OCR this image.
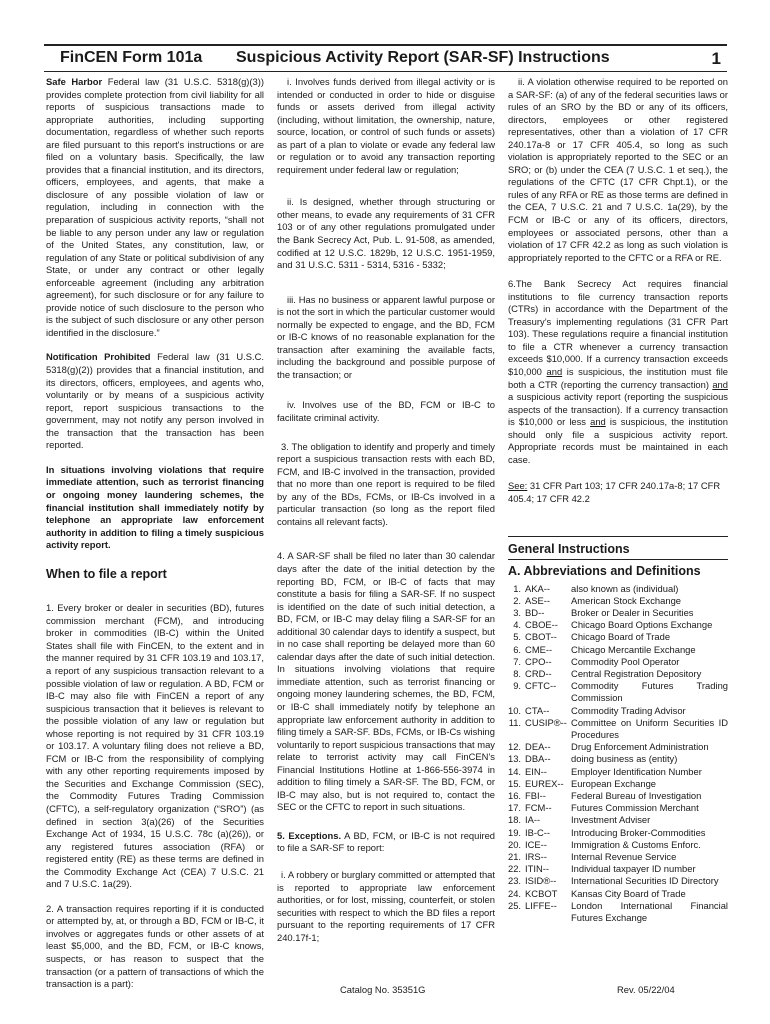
FinCEN Form 101a Suspicious Activity Report (SAR-SF) Instructions	1

Safe Harbor Federal law (31 U.S.C. 5318(g)(3)) provides complete protection from civil liability for all reports of suspicious transactions made to appropriate authorities, including supporting documentation, regardless of whether such reports are filed pursuant to this report's instructions or are filed on a voluntary basis. Specifically, the law provides that a financial institution, and its directors, officers, employees, and agents, that make a disclosure of any possible violation of law or regulation, including in connection with the preparation of suspicious activity reports, “shall not be liable to any person under any law or regulation of the United States, any constitution, law, or regulation of any State or political subdivision of any State, or under any contract or other legally enforceable agreement (including any arbitration agreement), for such disclosure or for any failure to provide notice of such disclosure to the person who is the subject of such disclosure or any other person identified in the disclosure.”

Notification Prohibited Federal law (31 U.S.C. 5318(g)(2)) provides that a financial institution, and its directors, officers, employees, and agents who, voluntarily or by means of a suspicious activity report, report suspicious transactions to the government, may not notify any person involved in the transaction that the transaction has been reported.

In situations involving violations that require immediate attention, such as terrorist financing or ongoing money laundering schemes, the financial institution shall immediately notify by telephone an appropriate law enforcement authority in addition to filing a timely suspicious activity report.

When to file a report

1. Every broker or dealer in securities (BD), futures commission merchant (FCM), and introducing broker in commodities (IB-C) within the United States shall file with FinCEN, to the extent and in the manner required by 31 CFR 103.19 and 103.17, a report of any suspicious transaction relevant to a possible violation of law or regulation. A BD, FCM or IB-C may also file with FinCEN a report of any suspicious transaction that it believes is relevant to the possible violation of any law or regulation but whose reporting is not required by 31 CFR 103.19 or 103.17. A voluntary filing does not relieve a BD, FCM or IB-C from the responsibility of complying with any other reporting requirements imposed by the Securities and Exchange Commission (SEC), the Commodity Futures Trading Commission (CFTC), a self-regulatory organization (“SRO”) (as defined in section 3(a)(26) of the Securities Exchange Act of 1934, 15 U.S.C. 78c (a)(26)), or any registered futures association (RFA) or registered entity (RE) as these terms are defined in the Commodity Exchange Act (CEA) 7 U.S.C. 21 and 7 U.S.C. 1a(29).

2. A transaction requires reporting if it is conducted or attempted by, at, or through a BD, FCM or IB-C, it involves or aggregates funds or other assets of at least $5,000, and the BD, FCM, or IB-C knows, suspects, or has reason to suspect that the transaction (or a pattern of transactions of which the transaction is a part):

i. Involves funds derived from illegal activity or is intended or conducted in order to hide or disguise funds or assets derived from illegal activity (including, without limitation, the ownership, nature, source, location, or control of such funds or assets) as part of a plan to violate or evade any federal law or regulation or to avoid any transaction reporting requirement under federal law or regulation;

ii. Is designed, whether through structuring or other means, to evade any requirements of 31 CFR 103 or of any other regulations promulgated under the Bank Secrecy Act, Pub. L. 91-508, as amended, codified at 12 U.S.C. 1829b, 12 U.S.C. 1951-1959, and 31 U.S.C. 5311 - 5314, 5316 - 5332;

iii. Has no business or apparent lawful purpose or is not the sort in which the particular customer would normally be expected to engage, and the BD, FCM or IB-C knows of no reasonable explanation for the transaction after examining the available facts, including the background and possible purpose of the transaction; or

iv. Involves use of the BD, FCM or IB-C to facilitate criminal activity.

3. The obligation to identify and properly and timely report a suspicious transaction rests with each BD, FCM, and IB-C involved in the transaction, provided that no more than one report is required to be filed by any of the BDs, FCMs, or IB-Cs involved in a particular transaction (so long as the report filed contains all relevant facts).

4. A SAR-SF shall be filed no later than 30 calendar days after the date of the initial detection by the reporting BD, FCM, or IB-C of facts that may constitute a basis for filing a SAR-SF. If no suspect is identified on the date of such initial detection, a BD, FCM, or IB-C may delay filing a SAR-SF for an additional 30 calendar days to identify a suspect, but in no case shall reporting be delayed more than 60 calendar days after the date of such initial detection. In situations involving violations that require immediate attention, such as terrorist financing or ongoing money laundering schemes, the BD, FCM, or IB-C shall immediately notify by telephone an appropriate law enforcement authority in addition to filing timely a SAR-SF. BDs, FCMs, or IB-Cs wishing voluntarily to report suspicious transactions that may relate to terrorist activity may call FinCEN’s Financial Institutions Hotline at 1-866-556-3974 in addition to filing timely a SAR-SF. The BD, FCM, or IB-C may also, but is not required to, contact the SEC or the CFTC to report in such situations.

5. Exceptions. A BD, FCM, or IB-C is not required to file a SAR-SF to report:

i. A robbery or burglary committed or attempted that is reported to appropriate law enforcement authorities, or for lost, missing, counterfeit, or stolen securities with respect to which the BD files a report pursuant to the reporting requirements of 17 CFR 240.17f-1;

ii. A violation otherwise required to be reported on a SAR-SF: (a) of any of the federal securities laws or rules of an SRO by the BD or any of its officers, directors, employees or other registered representatives, other than a violation of 17 CFR 240.17a-8 or 17 CFR 405.4, so long as such violation is appropriately reported to the SEC or an SRO; or (b) under the CEA (7 U.S.C. 1 et seq.), the regulations of the CFTC (17 CFR Chpt.1), or the rules of any RFA or RE as those terms are defined in the CEA, 7 U.S.C. 21 and 7 U.S.C. 1a(29), by the FCM or IB-C or any of its officers, directors, employees or associated persons, other than a violation of 17 CFR 42.2 as long as such violation is appropriately reported to the CFTC or a RFA or RE.

6.The Bank Secrecy Act requires financial institutions to file currency transaction reports (CTRs) in accordance with the Department of the Treasury’s implementing regulations (31 CFR Part 103). These regulations require a financial institution to file a CTR whenever a currency transaction exceeds $10,000. If a currency transaction exceeds $10,000 and is suspicious, the institution must file both a CTR (reporting the currency transaction) and a suspicious activity report (reporting the suspicious aspects of the transaction). If a currency transaction is $10,000 or less and is suspicious, the institution should only file a suspicious activity report. Appropriate records must be maintained in each case.

See: 31 CFR Part 103; 17 CFR 240.17a-8; 17 CFR 405.4; 17 CFR 42.2

General Instructions
A. Abbreviations and Definitions
1.	AKA--	also known as (individual)
2.	ASE--	American Stock Exchange
3.	BD--	Broker or Dealer in Securities
4.	CBOE--	Chicago Board Options Exchange
5.	CBOT--	Chicago Board of Trade
6.	CME--	Chicago Mercantile Exchange
7.	CPO--	Commodity Pool Operator
8.	CRD--	Central Registration Depository
9.	CFTC--	Commodity Futures Trading Commission
10.	CTA--	Commodity Trading Advisor
11.	CUSIP®--	Committee on Uniform Securities ID Procedures
12.	DEA--	Drug Enforcement Administration
13.	DBA--	doing business as (entity)
14.	EIN--	Employer Identification Number
15.	EUREX--	European Exchange
16.	FBI--	Federal Bureau of Investigation
17.	FCM--	Futures Commission Merchant
18.	IA--	Investment Adviser
19.	IB-C--	Introducing Broker-Commodities
20.	ICE--	Immigration & Customs Enforc.
21.	IRS--	Internal Revenue Service
22.	ITIN--	Individual taxpayer ID number
23.	ISID®--	International Securities ID Directory
24.	KCBOT	Kansas City Board of Trade
25.	LIFFE--	London International Financial Futures Exchange
Catalog No. 35351G	Rev. 05/22/04
